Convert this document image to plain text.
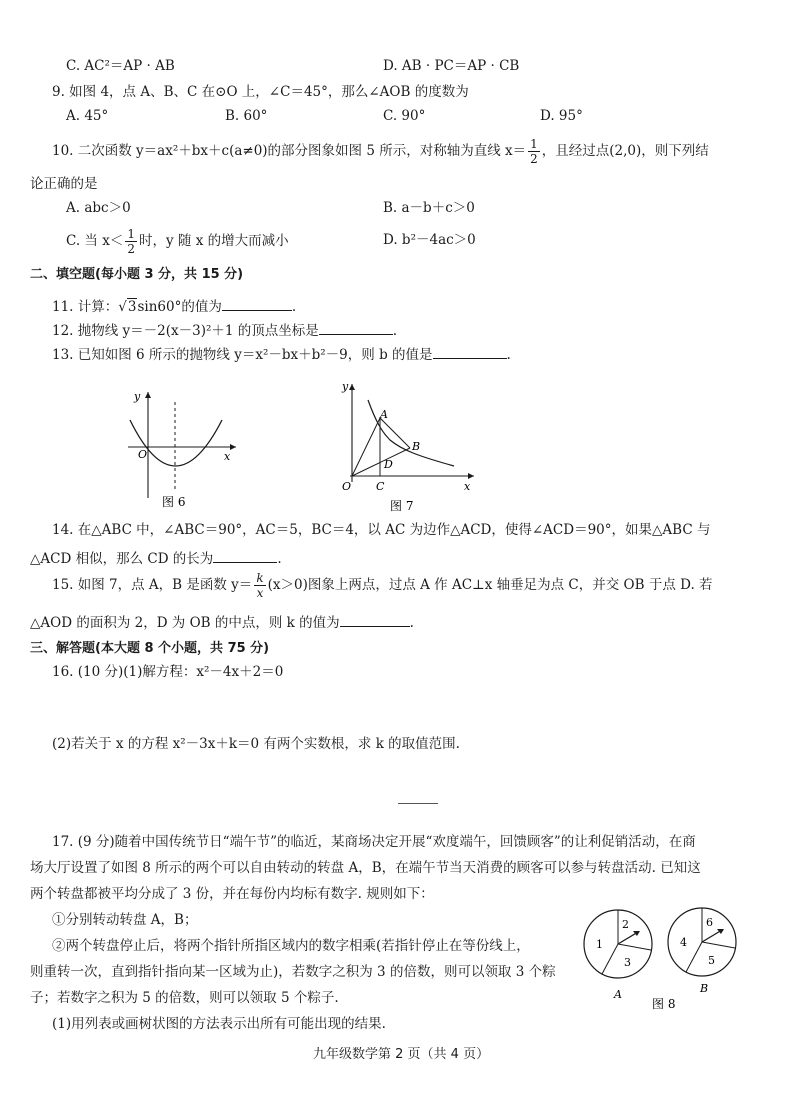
C. AC²＝AP · AB	D. AB · PC＝AP · CB
9. 如图 4，点 A、B、C 在⊙O 上，∠C＝45°，那么∠AOB 的度数为
A. 45°	B. 60°	C. 90°	D. 95°
10. 二次函数 y＝ax²＋bx＋c(a≠0)的部分图象如图 5 所示，对称轴为直线 $x= \frac{1}{2}$ ，且经过点(2,0)，则下列结
论正确的是
A. abc＞0	B. a－b＋c＞0
C. 当 $x< \frac{1}{2}$ 时，y 随 x 的增大而减小	D. b²－4ac＞0
二、填空题(每小题 3 分，共 15 分)
11. 计算：√3sin60°的值为	.
12. 抛物线 y＝－2(x－3)²＋1 的顶点坐标是	.
13. 已知如图 6 所示的抛物线 y＝x²－bx＋b²－9，则 b 的值是	.
y
x
O
图 6
y
x
O
A
B
C
D
图 7
14. 在△ABC 中，∠ABC＝90°，AC＝5，BC＝4，以 AC 为边作△ACD，使得∠ACD＝90°，如果△ABC 与
△ACD 相似，那么 CD 的长为	.
15. 如图 7，点 A，B 是函数 $y= \frac{k}{x} (x>0)$图象上两点，过点 A 作 AC⊥x 轴垂足为点 C，并交 OB 于点 D. 若
△AOD 的面积为 2，D 为 OB 的中点，则 k 的值为	.
三、解答题(本大题 8 个小题，共 75 分)
16. (10 分)(1)解方程：x²－4x＋2＝0
(2)若关于 x 的方程 x²－3x＋k＝0 有两个实数根，求 k 的取值范围.
17. (9 分)随着中国传统节日“端午节”的临近，某商场决定开展“欢度端午，回馈顾客”的让利促销活动，在商
场大厅设置了如图 8 所示的两个可以自由转动的转盘 A，B，在端午节当天消费的顾客可以参与转盘活动. 已知这
两个转盘都被平均分成了 3 份，并在每份内均标有数字. 规则如下：
①分别转动转盘 A，B；
②两个转盘停止后，将两个指针所指区域内的数字相乘(若指针停止在等份线上，
则重转一次，直到指针指向某一区域为止)，若数字之积为 3 的倍数，则可以领取 3 个粽
子；若数字之积为 5 的倍数，则可以领取 5 个粽子.
(1)用列表或画树状图的方法表示出所有可能出现的结果.
1
2
3
A
4
6
5
B
图 8
九年级数学第 2 页（共 4 页）
